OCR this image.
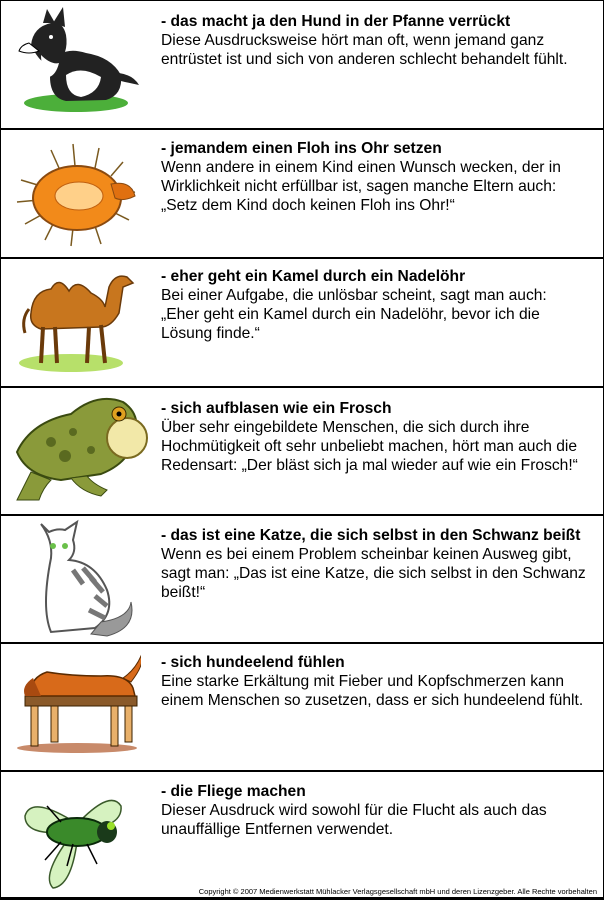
- das macht ja den Hund in der Pfanne verrückt
Diese Ausdrucksweise hört man oft, wenn jemand ganz entrüstet ist und sich von anderen schlecht behandelt fühlt.
- jemandem einen Floh ins Ohr setzen
Wenn andere in einem Kind einen Wunsch wecken, der in Wirklichkeit nicht erfüllbar ist, sagen manche Eltern auch: „Setz dem Kind doch keinen Floh ins Ohr!“
- eher geht ein Kamel durch ein Nadelöhr
Bei einer Aufgabe, die unlösbar scheint, sagt man auch: „Eher geht ein Kamel durch ein Nadelöhr, bevor ich die Lösung finde.“
- sich aufblasen wie ein Frosch
Über sehr eingebildete Menschen, die sich durch ihre Hochmütigkeit oft sehr unbeliebt machen, hört man auch die Redensart: „Der bläst sich ja mal wieder auf wie ein Frosch!“
- das ist eine Katze, die sich selbst in den Schwanz beißt
Wenn es bei einem Problem scheinbar keinen Ausweg gibt, sagt man: „Das ist eine Katze, die sich selbst in den Schwanz beißt!“
- sich hundeelend fühlen
Eine starke Erkältung mit Fieber und Kopfschmerzen kann einem Menschen so zusetzen, dass er sich hundeelend fühlt.
- die Fliege machen
Dieser Ausdruck wird sowohl für die Flucht als auch das unauffällige Entfernen verwendet.
Copyright © 2007 Medienwerkstatt Mühlacker Verlagsgesellschaft mbH und deren Lizenzgeber. Alle Rechte vorbehalten
